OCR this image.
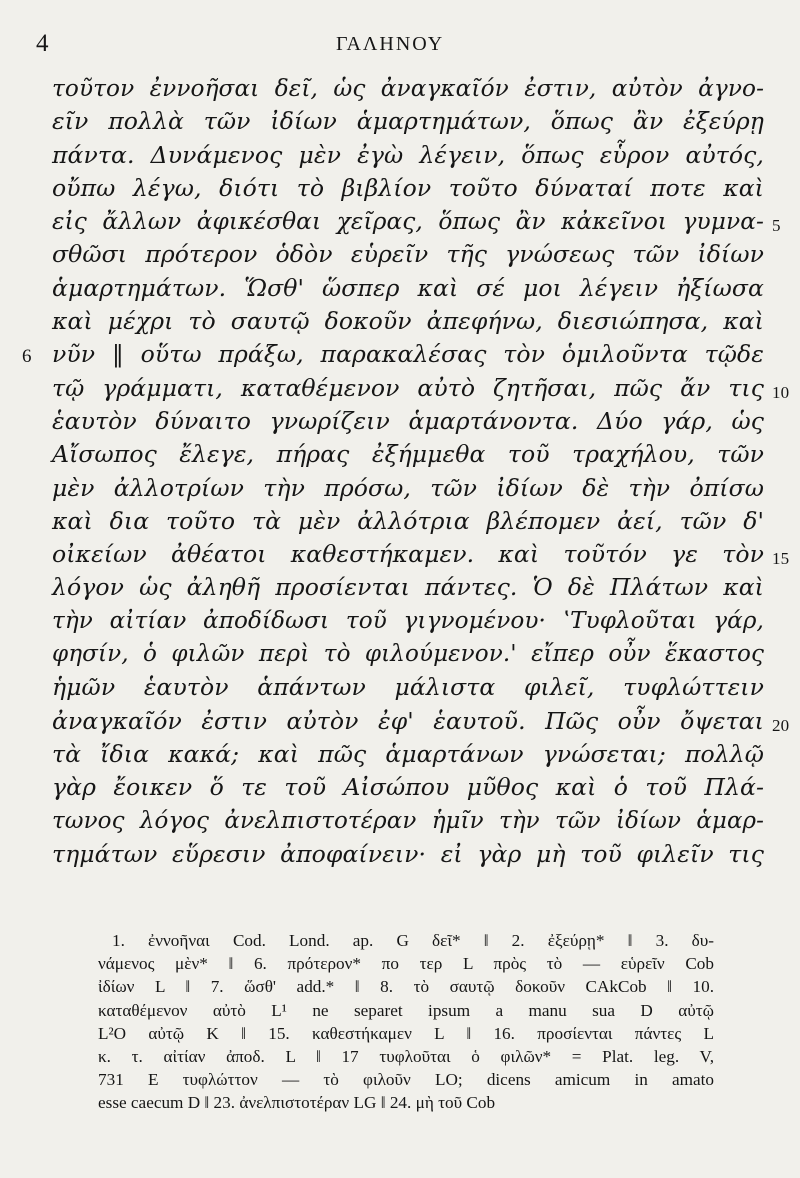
4	ΓΑΛΗΝΟΥ
τοῦτον ἐννοῆσαι δεῖ, ὡς ἀναγκαῖόν ἐστιν, αὐτὸν ἀγνο-
εῖν πολλὰ τῶν ἰδίων ἁμαρτημάτων, ὅπως ἂν ἐξεύρῃ
πάντα. Δυνάμενος μὲν ἐγὼ λέγειν, ὅπως εὗρον αὐτός,
οὔπω λέγω, διότι τὸ βιβλίον τοῦτο δύναταί ποτε καὶ
εἰς ἄλλων ἀφικέσθαι χεῖρας, ὅπως ἂν κἀκεῖνοι γυμνα- 5
σθῶσι πρότερον ὁδὸν εὑρεῖν τῆς γνώσεως τῶν ἰδίων
ἁμαρτημάτων. Ὥσθ' ὥσπερ καὶ σέ μοι λέγειν ἠξίωσα
καὶ μέχρι τὸ σαυτῷ δοκοῦν ἀπεφήνω, διεσιώπησα, καὶ
6 νῦν ‖ οὕτω πράξω, παρακαλέσας τὸν ὁμιλοῦντα τῷδε
τῷ γράμματι, καταθέμενον αὐτὸ ζητῆσαι, πῶς ἄν τις 10
ἑαυτὸν δύναιτο γνωρίζειν ἁμαρτάνοντα. Δύο γάρ, ὡς
Αἴσωπος ἔλεγε, πήρας ἐξήμμεθα τοῦ τραχήλου, τῶν
μὲν ἀλλοτρίων τὴν πρόσω, τῶν ἰδίων δὲ τὴν ὀπίσω
καὶ δια τοῦτο τὰ μὲν ἀλλότρια βλέπομεν ἀεί, τῶν δ'
οἰκείων ἀθέατοι καθεστήκαμεν. καὶ τοῦτόν γε τὸν 15
λόγον ὡς ἀληθῆ προσίενται πάντες. Ὁ δὲ Πλάτων καὶ
τὴν αἰτίαν ἀποδίδωσι τοῦ γιγνομένου· ʽΤυφλοῦται γάρ,
φησίν, ὁ φιλῶν περὶ τὸ φιλούμενον.' εἴπερ οὖν ἕκαστος
ἡμῶν ἑαυτὸν ἁπάντων μάλιστα φιλεῖ, τυφλώττειν
ἀναγκαῖόν ἐστιν αὐτὸν ἐφ' ἑαυτοῦ. Πῶς οὖν ὄψεται 20
τὰ ἴδια κακά; καὶ πῶς ἁμαρτάνων γνώσεται; πολλῷ
γὰρ ἔοικεν ὅ τε τοῦ Αἰσώπου μῦθος καὶ ὁ τοῦ Πλά-
τωνος λόγος ἀνελπιστοτέραν ἡμῖν τὴν τῶν ἰδίων ἁμαρ-
τημάτων εὕρεσιν ἀποφαίνειν· εἰ γὰρ μὴ τοῦ φιλεῖν τις
1. ἐννοῆναι Cod. Lond. ap. G δεῖ* ‖ 2. ἐξεύρῃ* ‖ 3. δυ-
νάμενος μὲν* ‖ 6. πρότερον* πο τερ L πρὸς τὸ — εὑρεῖν Cob
ἰδίων L ‖ 7. ὥσθ' add.* ‖ 8. τὸ σαυτῷ δοκοῦν CAkCob ‖ 10.
καταθέμενον αὐτὸ L¹ ne separet ipsum a manu sua D αὐτῷ
L²O αὐτῷ K ‖ 15. καθεστήκαμεν L ‖ 16. προσίενται πάντες L
κ. τ. αἰτίαν ἀποδ. L ‖ 17 τυφλοῦται ὁ φιλῶν* = Plat. leg. V,
731 E τυφλώττον — τὸ φιλοῦν LO; dicens amicum in amato
esse caecum D ‖ 23. ἀνελπιστοτέραν LG ‖ 24. μὴ τοῦ Cob
